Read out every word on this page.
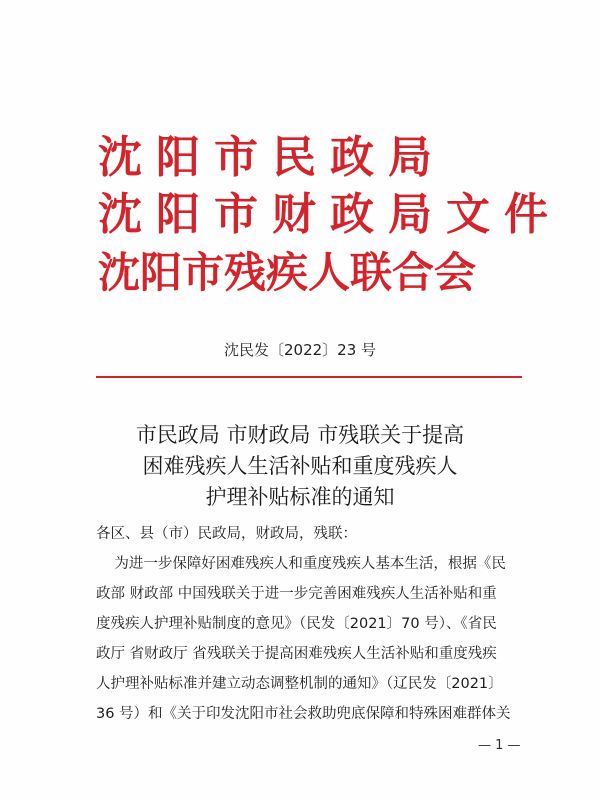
沈阳市民政局
沈阳市财政局文件
沈阳市残疾人联合会
沈民发〔2022〕23 号
市民政局 市财政局 市残联关于提高
困难残疾人生活补贴和重度残疾人
护理补贴标准的通知
各区、县（市）民政局，财政局，残联：
为进一步保障好困难残疾人和重度残疾人基本生活，根据《民
政部 财政部 中国残联关于进一步完善困难残疾人生活补贴和重
度残疾人护理补贴制度的意见》（民发〔2021〕70 号）、《省民
政厅 省财政厅 省残联关于提高困难残疾人生活补贴和重度残疾
人护理补贴标准并建立动态调整机制的通知》（辽民发〔2021〕
36 号）和《关于印发沈阳市社会救助兜底保障和特殊困难群体关
— 1 —
